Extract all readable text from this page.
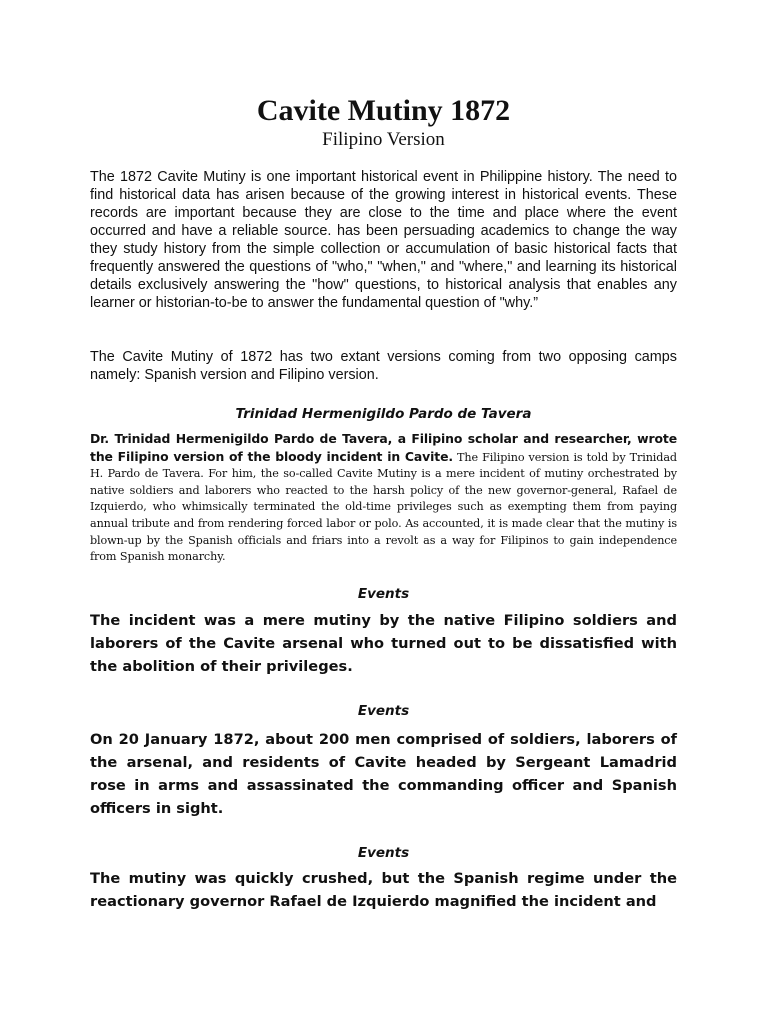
Cavite Mutiny 1872
Filipino Version

The 1872 Cavite Mutiny is one important historical event in Philippine history. The need to find historical data has arisen because of the growing interest in historical events. These records are important because they are close to the time and place where the event occurred and have a reliable source. has been persuading academics to change the way they study history from the simple collection or accumulation of basic historical facts that frequently answered the questions of "who," "when," and "where," and learning its historical details exclusively answering the "how" questions, to historical analysis that enables any learner or historian-to-be to answer the fundamental question of "why.”

The Cavite Mutiny of 1872 has two extant versions coming from two opposing camps namely: Spanish version and Filipino version.

Trinidad Hermenigildo Pardo de Tavera

Dr. Trinidad Hermenigildo Pardo de Tavera, a Filipino scholar and researcher, wrote the Filipino version of the bloody incident in Cavite. The Filipino version is told by Trinidad H. Pardo de Tavera. For him, the so-called Cavite Mutiny is a mere incident of mutiny orchestrated by native soldiers and laborers who reacted to the harsh policy of the new governor-general, Rafael de Izquierdo, who whimsically terminated the old-time privileges such as exempting them from paying annual tribute and from rendering forced labor or polo. As accounted, it is made clear that the mutiny is blown-up by the Spanish officials and friars into a revolt as a way for Filipinos to gain independence from Spanish monarchy.

Events

The incident was a mere mutiny by the native Filipino soldiers and laborers of the Cavite arsenal who turned out to be dissatisfied with the abolition of their privileges.

Events

On 20 January 1872, about 200 men comprised of soldiers, laborers of the arsenal, and residents of Cavite headed by Sergeant Lamadrid rose in arms and assassinated the commanding officer and Spanish officers in sight.

Events

The mutiny was quickly crushed, but the Spanish regime under the reactionary governor Rafael de Izquierdo magnified the incident and
